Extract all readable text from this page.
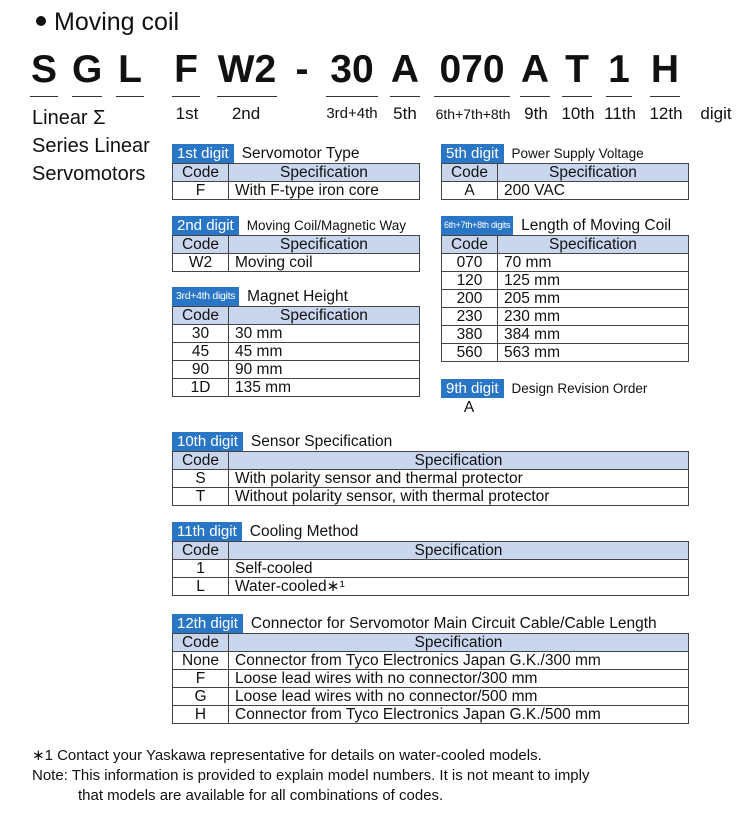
Moving coil
S G L F W2 - 30 A 070 A T 1 H
1st	2nd	3rd+4th 5th	6th+7th+8th 9th 10th 11th 12th	digit
Linear Σ
Series Linear
Servomotors
1st digit Servomotor Type
Code	Specification
F	With F-type iron core
2nd digit Moving Coil/Magnetic Way
Code	Specification
W2	Moving coil
3rd+4th digits Magnet Height
Code	Specification
30	30 mm
45	45 mm
90	90 mm
1D	135 mm
5th digit Power Supply Voltage
Code	Specification
A	200 VAC
6th+7th+8th digits Length of Moving Coil
Code	Specification
070	70 mm
120	125 mm
200	205 mm
230	230 mm
380	384 mm
560	563 mm
9th digit Design Revision Order
A
10th digit Sensor Specification
Code	Specification
S	With polarity sensor and thermal protector
T	Without polarity sensor, with thermal protector
11th digit Cooling Method
Code	Specification
1	Self-cooled
L	Water-cooled∗¹
12th digit Connector for Servomotor Main Circuit Cable/Cable Length
Code	Specification
None	Connector from Tyco Electronics Japan G.K./300 mm
F	Loose lead wires with no connector/300 mm
G	Loose lead wires with no connector/500 mm
H	Connector from Tyco Electronics Japan G.K./500 mm
∗1 Contact your Yaskawa representative for details on water-cooled models.
Note: This information is provided to explain model numbers. It is not meant to imply
that models are available for all combinations of codes.
